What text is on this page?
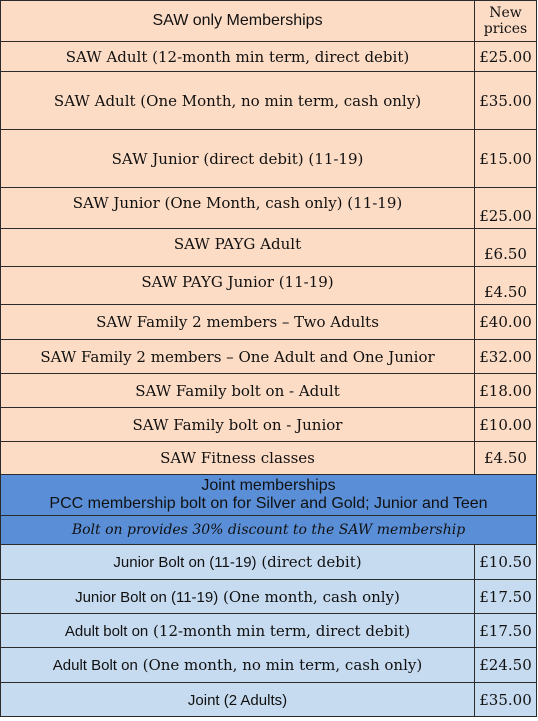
SAW only Memberships	New
prices

SAW Adult (12-month min term, direct debit)	£25.00
SAW Adult (One Month, no min term, cash only)	£35.00
SAW Junior (direct debit) (11-19)	£15.00
SAW Junior (One Month, cash only) (11-19)	£25.00
SAW PAYG Adult	£6.50
SAW PAYG Junior (11-19)	£4.50
SAW Family 2 members – Two Adults	£40.00
SAW Family 2 members – One Adult and One Junior	£32.00
SAW Family bolt on - Adult	£18.00
SAW Family bolt on - Junior	£10.00
SAW Fitness classes	£4.50

Joint memberships
PCC membership bolt on for Silver and Gold; Junior and Teen	

Bolt on provides 30% discount to the SAW membership	
Junior Bolt on (11-19) (direct debit)	£10.50
Junior Bolt on (11-19) (One month, cash only)	£17.50
Adult bolt on (12-month min term, direct debit)	£17.50
Adult Bolt on (One month, no min term, cash only)	£24.50
Joint (2 Adults)	£35.00
